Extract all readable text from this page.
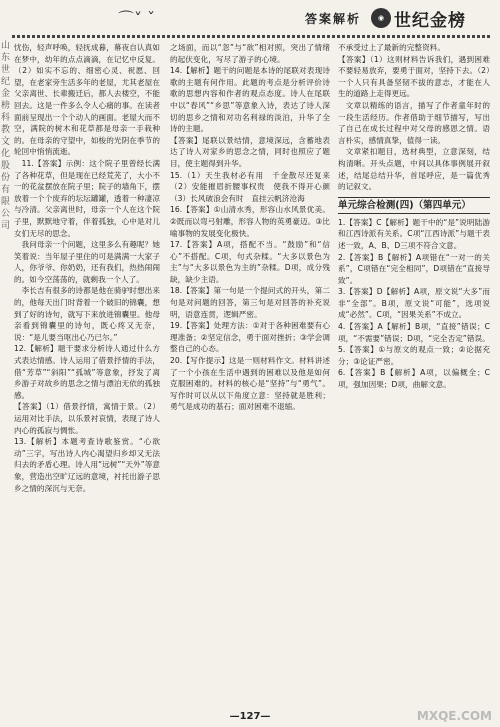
⌒˅ ˇ	答案解析	◉ 世纪金榜
山东世纪金榜科教文化股份有限公司

忧伤，轻声呼唤，轻抚成暮，幕夜自认真如在梦中，幼年的点点滴滴，在记忆中反复。（2）如实不忘的、细密心灵、祝愿、回望，在老家旁生活多年的老屋，尤其老屋在父亲离世、长辈搬迁后，都人去楼空，不能回去。这是一件多么令人心痛的事。在读者面前呈现出一个个动人的画面。老屋大而不空，满院的树木和花草都是母亲一手栽种的。在母亲的守望中，如梭的光阴在季节的轮回中悄悄流逝。

11.【答案】示例：这个院子里曾经长满了各种花草，但是现在已经荒芜了，大小不一的花盆摆放在院子里；院子的墙角下，摆放着一个个废弃的坛坛罐罐，透着一种凄凉与冷清。父亲离世时，母亲一个人在这个院子里，默默地守着，伴着孤独，心中是对儿女们无尽的思念。

我问母亲一个问题，这里多么有趣呢？她笑着说：当年屋子里住的可是满满一大家子人，你爷爷、你奶奶，还有我们，热热闹闹的。如今空荡荡的，就剩我一个人了。

李长吉有很多的诗都是他在骑驴时想出来的，他每天出门时背着一个破旧的锦囊，想到了好的诗句，就写下来放进锦囊里。他母亲看到锦囊里的诗句，既心疼又无奈，说：“是儿要当呕出心乃已尔。”

12.【解析】题干要求分析诗人通过什么方式表达情感。诗人运用了借景抒情的手法，借“芳草”“斜阳”“孤城”等意象，抒发了离乡游子对故乡的思念之情与漂泊无依的孤独感。

【答案】（1）借景抒情，寓情于景。（2）运用对比手法，以乐景衬哀情，表现了诗人内心的孤寂与惆怅。

13.【解析】本题考查诗歌鉴赏。“心欲动”三字，写出诗人内心渴望归乡却又无法归去的矛盾心理。诗人用“远树”“天外”等意象，营造出空旷辽远的意境，衬托出游子思乡之情的深沉与无奈。

之场面，而以“忽”与“欲”相对照，突出了情绪的起伏变化，写尽了游子的心境。

14.【解析】题干的问题是本诗的尾联对表现诗歌的主题有何作用。此题的考点是分析评价诗歌的思想内容和作者的观点态度。诗人在尾联中以“春风”“乡思”等意象入诗，表达了诗人深切的思乡之情和对功名利禄的淡泊，升华了全诗的主题。

【答案】尾联以景结情，意境深远，含蓄地表达了诗人对家乡的思念之情，同时也照应了题目，使主题得到升华。

15.（1）天生我材必有用　千金散尽还复来（2）安能摧眉折腰事权贵　使我不得开心颜（3）长风破浪会有时　直挂云帆济沧海

16.【答案】①山清水秀，形容山水风景优美。②既而以弯弓射雕，形容人物的英勇豪迈。③比喻事物的发展变化极快。

17.【答案】A项，搭配不当。“鼓励”和“信心”不搭配。C项，句式杂糅。“大多以景色为主”与“大多以景色为主的”杂糅。D项，成分残缺，缺少主语。

18.【答案】第一句是一个提问式的开头，第二句是对问题的回答，第三句是对回答的补充说明，语意连贯，逻辑严密。

19.【答案】处理方法：①对于各种困难要有心理准备；②坚定信念，勇于面对挫折；③学会调整自己的心态。

20.【写作提示】这是一则材料作文。材料讲述了一个小孩在生活中遇到的困难以及他是如何克服困难的。材料的核心是“坚持”与“勇气”。写作时可以从以下角度立意：坚持就是胜利；勇气是成功的基石；面对困难不退缩。

不承受过上了最新的完整资料。

【答案】（1）这则材料告诉我们，遇到困难不要轻易放弃，要勇于面对，坚持下去。（2）一个人只有具备坚韧不拔的意志，才能在人生的道路上走得更远。

文章以精练的语言，描写了作者童年时的一段生活经历。作者借助于细节描写，写出了自己在成长过程中对父母的感恩之情。语言朴实，感情真挚，值得一读。

文章紧扣题目，选材典型，立意深刻，结构清晰。开头点题，中间以具体事例展开叙述，结尾总结升华，首尾呼应，是一篇优秀的记叙文。

单元综合检测(四)（第四单元）

1.【答案】C【解析】题干中的“是”说明陆游和江西诗派有关系。C项“江西诗派”与题干表述一致，A、B、D三项不符合文意。

2.【答案】B【解析】A项错在“一对一的关系”，C项错在“完全相同”，D项错在“直接导致”。

3.【答案】D【解析】A项，原文说“大多”而非“全部”。B项，原文说“可能”，选项说成“必然”。C项，“因果关系”不成立。

4.【答案】A【解析】B项，“直接”错误；C项，“不需要”错误；D项，“完全否定”错误。

5.【答案】①与原文的观点一致；②论据充分；③论证严密。

6.【答案】B【解析】A项，以偏概全；C项，强加因果；D项，曲解文意。

—127—	MXQE.COM
